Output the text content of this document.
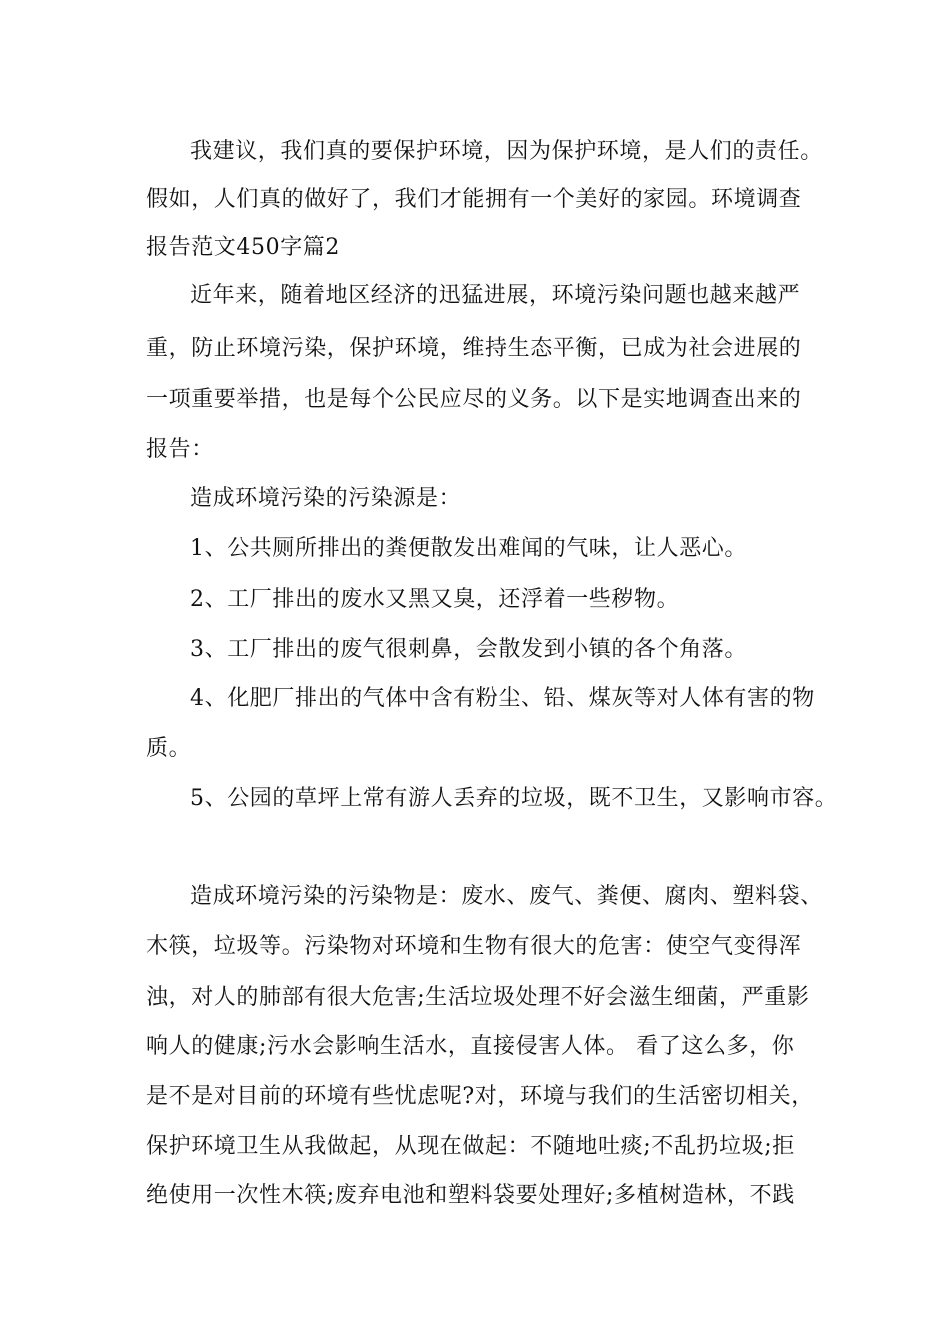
我建议，我们真的要保护环境，因为保护环境，是人们的责任。
假如，人们真的做好了，我们才能拥有一个美好的家园。环境调查
报告范文450字篇2
近年来，随着地区经济的迅猛进展，环境污染问题也越来越严
重，防止环境污染，保护环境，维持生态平衡，已成为社会进展的
一项重要举措，也是每个公民应尽的义务。以下是实地调查出来的
报告：
造成环境污染的污染源是：
1、公共厕所排出的粪便散发出难闻的气味，让人恶心。
2、工厂排出的废水又黑又臭，还浮着一些秽物。
3、工厂排出的废气很刺鼻，会散发到小镇的各个角落。
4、化肥厂排出的气体中含有粉尘、铅、煤灰等对人体有害的物
质。
5、公园的草坪上常有游人丢弃的垃圾，既不卫生，又影响市容。
造成环境污染的污染物是：废水、废气、粪便、腐肉、塑料袋、
木筷，垃圾等。污染物对环境和生物有很大的危害：使空气变得浑
浊，对人的肺部有很大危害;生活垃圾处理不好会滋生细菌，严重影
响人的健康;污水会影响生活水，直接侵害人体。 看了这么多，你
是不是对目前的环境有些忧虑呢?对，环境与我们的生活密切相关，
保护环境卫生从我做起，从现在做起：不随地吐痰;不乱扔垃圾;拒
绝使用一次性木筷;废弃电池和塑料袋要处理好;多植树造林，不践
